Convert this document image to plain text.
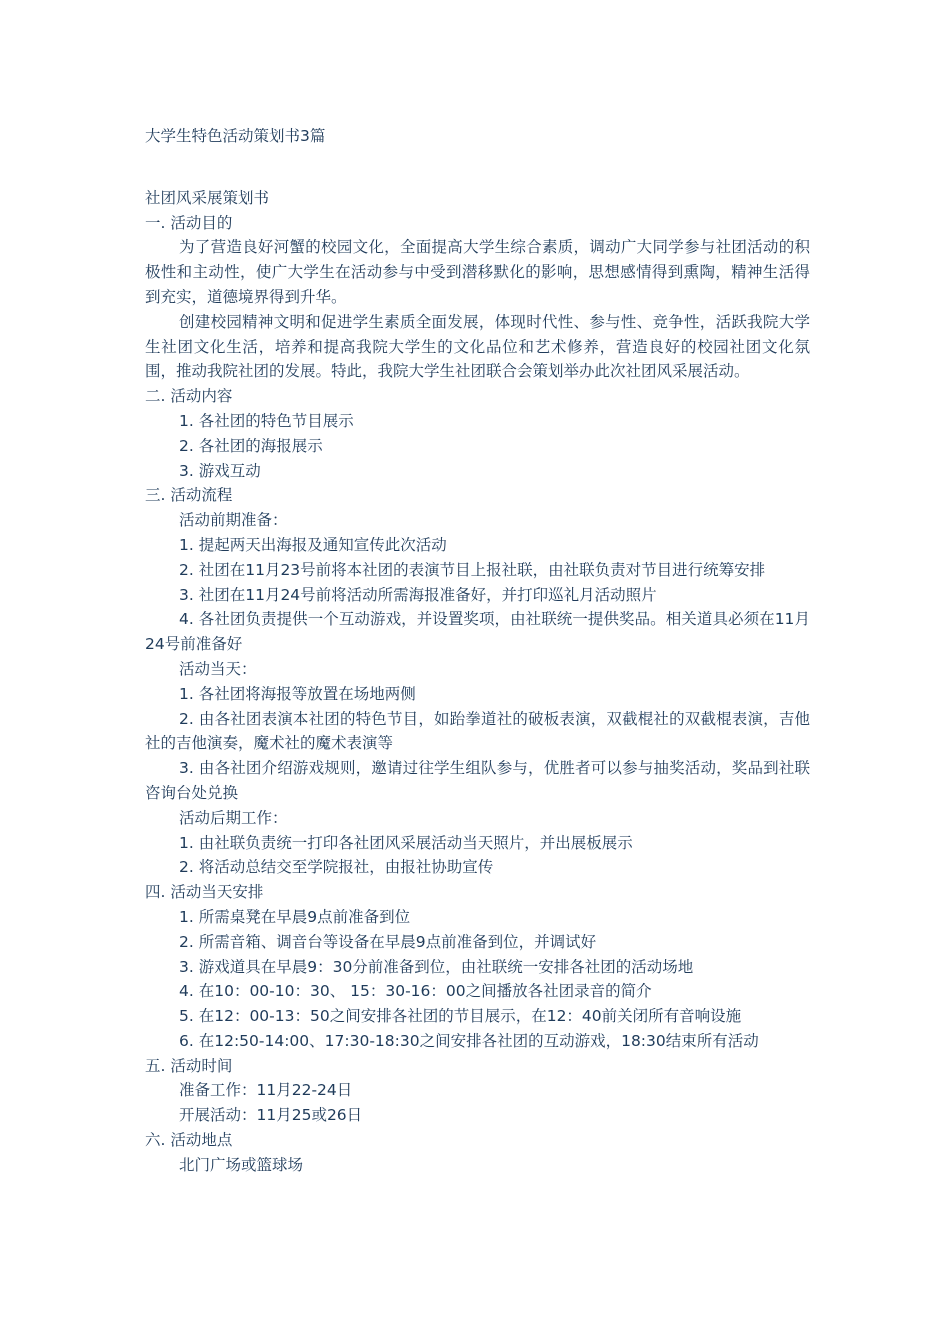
大学生特色活动策划书3篇

社团风采展策划书

一. 活动目的

为了营造良好河蟹的校园文化，全面提高大学生综合素质，调动广大同学参与社团活动的积极性和主动性，使广大学生在活动参与中受到潜移默化的影响，思想感情得到熏陶，精神生活得到充实，道德境界得到升华。

创建校园精神文明和促进学生素质全面发展，体现时代性、参与性、竞争性，活跃我院大学生社团文化生活，培养和提高我院大学生的文化品位和艺术修养，营造良好的校园社团文化氛围，推动我院社团的发展。特此，我院大学生社团联合会策划举办此次社团风采展活动。

二. 活动内容

1. 各社团的特色节目展示

2. 各社团的海报展示

3. 游戏互动

三. 活动流程

活动前期准备：

1. 提起两天出海报及通知宣传此次活动

2. 社团在11月23号前将本社团的表演节目上报社联，由社联负责对节目进行统筹安排

3. 社团在11月24号前将活动所需海报准备好，并打印巡礼月活动照片

4. 各社团负责提供一个互动游戏，并设置奖项，由社联统一提供奖品。相关道具必须在11月24号前准备好

活动当天：

1. 各社团将海报等放置在场地两侧

2. 由各社团表演本社团的特色节目，如跆拳道社的破板表演，双截棍社的双截棍表演，吉他社的吉他演奏，魔术社的魔术表演等

3. 由各社团介绍游戏规则，邀请过往学生组队参与，优胜者可以参与抽奖活动，奖品到社联咨询台处兑换

活动后期工作：

1. 由社联负责统一打印各社团风采展活动当天照片，并出展板展示

2. 将活动总结交至学院报社，由报社协助宣传

四. 活动当天安排

1. 所需桌凳在早晨9点前准备到位

2. 所需音箱、调音台等设备在早晨9点前准备到位，并调试好

3. 游戏道具在早晨9：30分前准备到位，由社联统一安排各社团的活动场地

4. 在10：00-10：30、 15：30-16：00之间播放各社团录音的简介

5. 在12：00-13：50之间安排各社团的节目展示，在12：40前关闭所有音响设施

6. 在12:50-14:00、17:30-18:30之间安排各社团的互动游戏，18:30结束所有活动

五. 活动时间

准备工作：11月22-24日

开展活动：11月25或26日

六. 活动地点

北门广场或篮球场
